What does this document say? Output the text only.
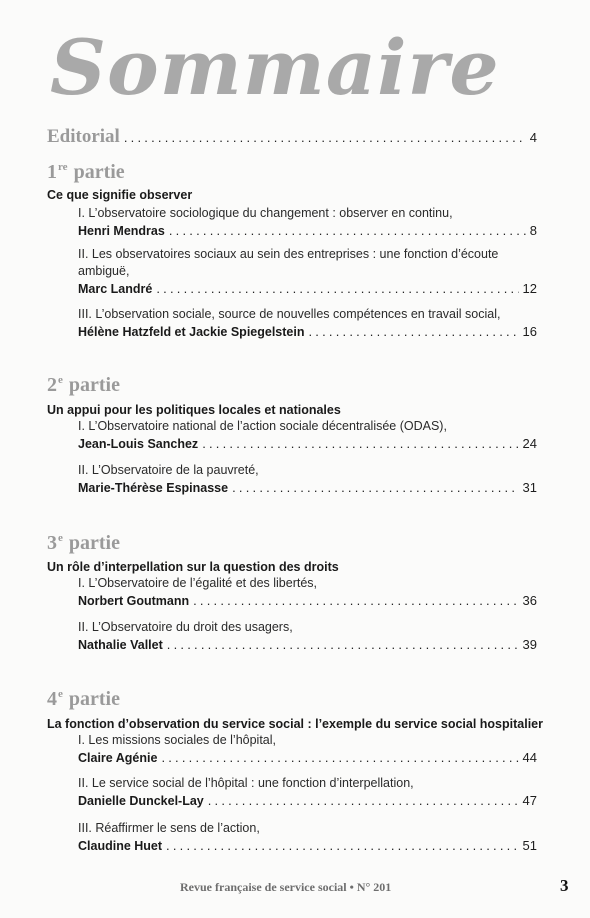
Sommaire
Editorial .....	4
1re partie
Ce que signifie observer
I. L’observatoire sociologique du changement : observer en continu,
Henri Mendras .....	8
II. Les observatoires sociaux au sein des entreprises : une fonction d’écoute ambiguë,
Marc Landré .....	12
III. L’observation sociale, source de nouvelles compétences en travail social,
Hélène Hatzfeld et Jackie Spiegelstein .....	16
2e partie
Un appui pour les politiques locales et nationales
I. L’Observatoire national de l’action sociale décentralisée (ODAS),
Jean-Louis Sanchez .....	24
II. L’Observatoire de la pauvreté,
Marie-Thérèse Espinasse .....	31
3e partie
Un rôle d’interpellation sur la question des droits
I. L’Observatoire de l’égalité et des libertés,
Norbert Goutmann .....	36
II. L’Observatoire du droit des usagers,
Nathalie Vallet .....	39
4e partie
La fonction d’observation du service social : l’exemple du service social hospitalier
I. Les missions sociales de l’hôpital,
Claire Agénie .....	44
II. Le service social de l’hôpital : une fonction d’interpellation,
Danielle Dunckel-Lay .....	47
III. Réaffirmer le sens de l’action,
Claudine Huet .....	51
Revue française de service social • N° 201	3
